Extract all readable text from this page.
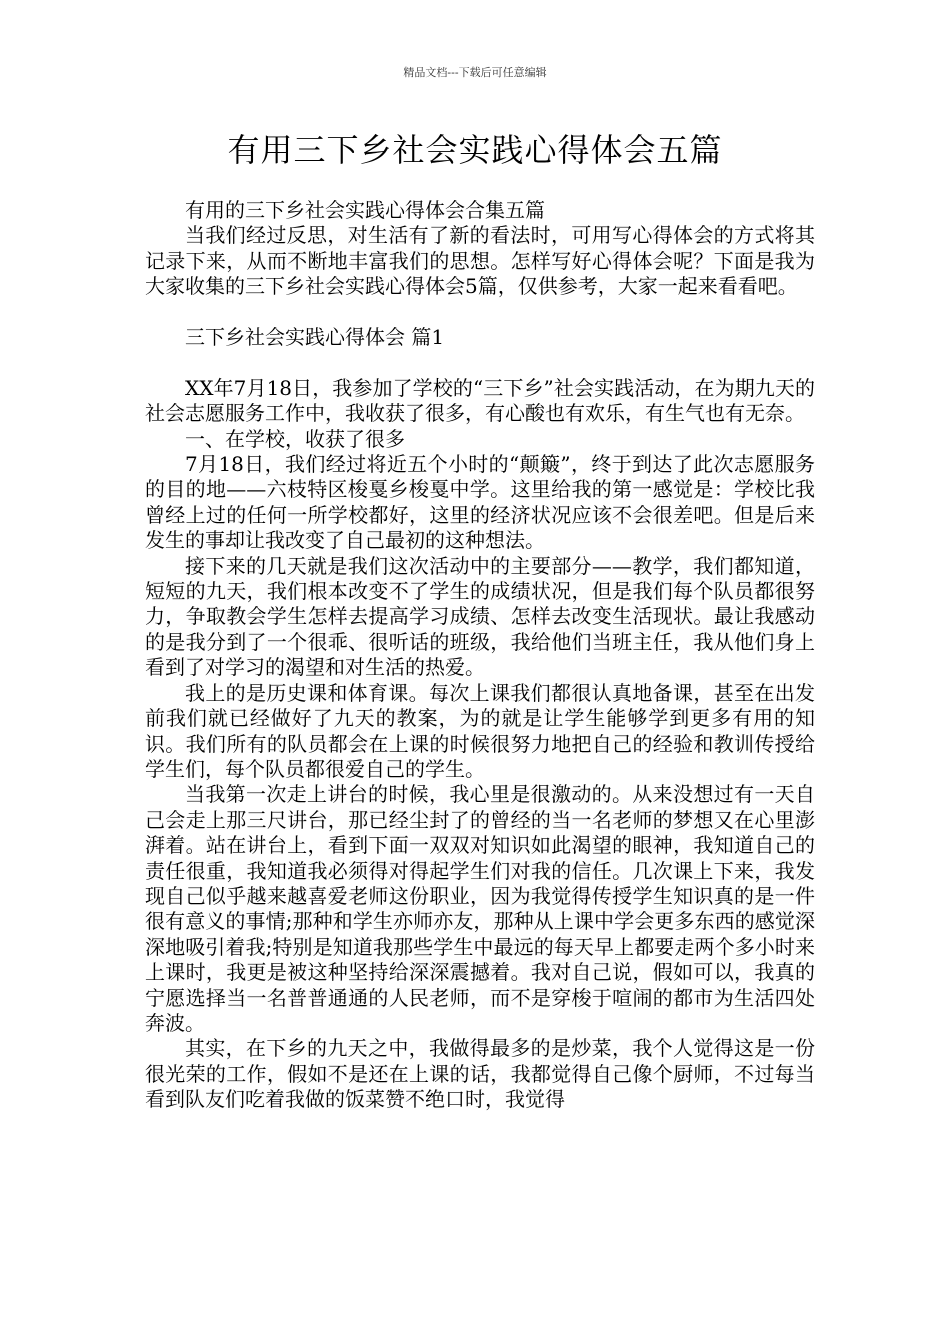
精品文档---下载后可任意编辑
有用三下乡社会实践心得体会五篇

有用的三下乡社会实践心得体会合集五篇

当我们经过反思，对生活有了新的看法时，可用写心得体会的方式将其记录下来，从而不断地丰富我们的思想。怎样写好心得体会呢？下面是我为大家收集的三下乡社会实践心得体会5篇，仅供参考，大家一起来看看吧。

三下乡社会实践心得体会 篇1

XX年7月18日，我参加了学校的“三下乡”社会实践活动，在为期九天的社会志愿服务工作中，我收获了很多，有心酸也有欢乐，有生气也有无奈。

一、在学校，收获了很多

7月18日，我们经过将近五个小时的“颠簸”，终于到达了此次志愿服务的目的地——六枝特区梭戛乡梭戛中学。这里给我的第一感觉是：学校比我曾经上过的任何一所学校都好，这里的经济状况应该不会很差吧。但是后来发生的事却让我改变了自己最初的这种想法。

接下来的几天就是我们这次活动中的主要部分——教学，我们都知道，短短的九天，我们根本改变不了学生的成绩状况，但是我们每个队员都很努力，争取教会学生怎样去提高学习成绩、怎样去改变生活现状。最让我感动的是我分到了一个很乖、很听话的班级，我给他们当班主任，我从他们身上看到了对学习的渴望和对生活的热爱。

我上的是历史课和体育课。每次上课我们都很认真地备课，甚至在出发前我们就已经做好了九天的教案，为的就是让学生能够学到更多有用的知识。我们所有的队员都会在上课的时候很努力地把自己的经验和教训传授给学生们，每个队员都很爱自己的学生。

当我第一次走上讲台的时候，我心里是很激动的。从来没想过有一天自己会走上那三尺讲台，那已经尘封了的曾经的当一名老师的梦想又在心里澎湃着。站在讲台上，看到下面一双双对知识如此渴望的眼神，我知道自己的责任很重，我知道我必须得对得起学生们对我的信任。几次课上下来，我发现自己似乎越来越喜爱老师这份职业，因为我觉得传授学生知识真的是一件很有意义的事情;那种和学生亦师亦友，那种从上课中学会更多东西的感觉深深地吸引着我;特别是知道我那些学生中最远的每天早上都要走两个多小时来上课时，我更是被这种坚持给深深震撼着。我对自己说，假如可以，我真的宁愿选择当一名普普通通的人民老师，而不是穿梭于喧闹的都市为生活四处奔波。

其实，在下乡的九天之中，我做得最多的是炒菜，我个人觉得这是一份很光荣的工作，假如不是还在上课的话，我都觉得自己像个厨师，不过每当看到队友们吃着我做的饭菜赞不绝口时，我觉得
